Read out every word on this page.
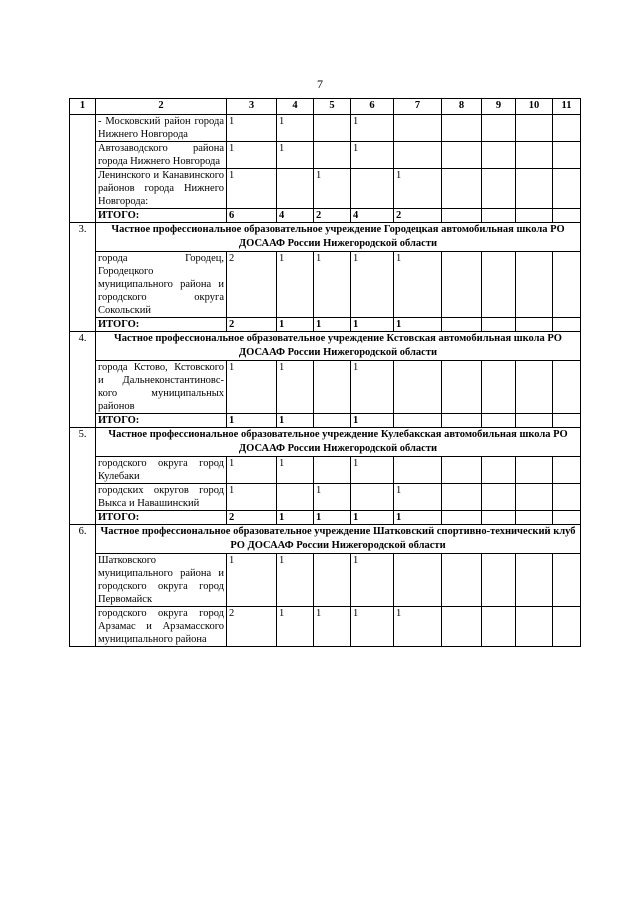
7
1	2	3	4	5	6	7	8	9	10	11
	- Московский район города Нижнего Новгорода	1	1		1					
	Автозаводского района города Нижнего Новгорода	1	1		1					
	Ленинского и Канавинского районов города Нижнего Новгорода:	1		1		1				
	ИТОГО:	6	4	2	4	2				
3.	Частное профессиональное образовательное учреждение Городецкая автомобильная школа РО ДОСААФ России Нижегородской области									
	города Городец, Городецкого муниципального района и городского округа Сокольский	2	1	1	1	1				
	ИТОГО:	2	1	1	1	1				
4.	Частное профессиональное образовательное учреждение Кстовская автомобильная школа РО ДОСААФ России Нижегородской области									
	города Кстово, Кстовского и Дальнеконстантиновс-кого муниципальных районов	1	1		1					
	ИТОГО:	1	1		1					
5.	Частное профессиональное образовательное учреждение Кулебакская автомобильная школа РО ДОСААФ России Нижегородской области									
	городского округа город Кулебаки	1	1		1					
	городских округов город Выкса и Навашинский	1		1		1				
	ИТОГО:	2	1	1	1	1				
6.	Частное профессиональное образовательное учреждение Шатковский спортивно-технический клуб РО ДОСААФ России Нижегородской области									
	Шатковского муниципального района и городского округа город Первомайск	1	1		1					
	городского округа город Арзамас и Арзамасского муниципального района	2	1	1	1	1				
